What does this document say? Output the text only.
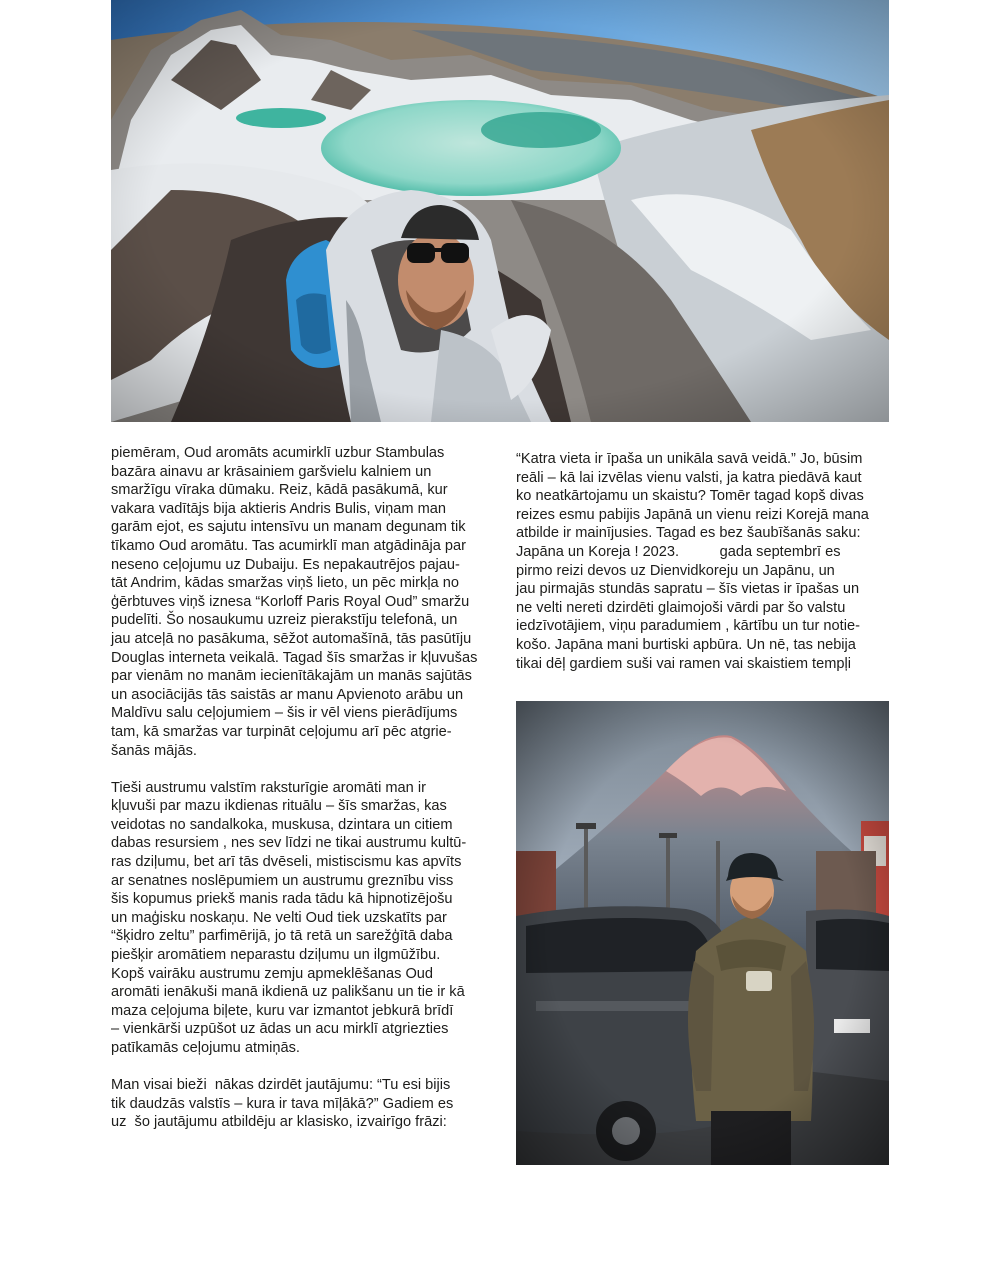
piemēram, Oud aromāts acumirklī uzbur Stambulas

bazāra ainavu ar krāsainiem garšvielu kalniem un

smaržīgu vīraka dūmaku. Reiz, kādā pasākumā, kur

vakara vadītājs bija aktieris Andris Bulis, viņam man

garām ejot, es sajutu intensīvu un manam degunam tik

tīkamo Oud aromātu. Tas acumirklī man atgādināja par

neseno ceļojumu uz Dubaiju. Es nepakautrējos pajau-

tāt Andrim, kādas smaržas viņš lieto, un pēc mirkļa no

ģērbtuves viņš iznesa “Korloff Paris Royal Oud” smaržu

pudelīti. Šo nosaukumu uzreiz pierakstīju telefonā, un

jau atceļā no pasākuma, sēžot automašīnā, tās pasūtīju

Douglas interneta veikalā. Tagad šīs smaržas ir kļuvušas

par vienām no manām iecienītākajām un manās sajūtās

un asociācijās tās saistās ar manu Apvienoto arābu un

Maldīvu salu ceļojumiem – šis ir vēl viens pierādījums

tam, kā smaržas var turpināt ceļojumu arī pēc atgrie-

šanās mājās.

Tieši austrumu valstīm raksturīgie aromāti man ir

kļuvuši par mazu ikdienas rituālu – šīs smaržas, kas

veidotas no sandalkoka, muskusa, dzintara un citiem

dabas resursiem , nes sev līdzi ne tikai austrumu kultū-

ras dziļumu, bet arī tās dvēseli, mistiscismu kas apvīts

ar senatnes noslēpumiem un austrumu greznību viss

šis kopumus priekš manis rada tādu kā hipnotizējošu

un maģisku noskaņu. Ne velti Oud tiek uzskatīts par

“šķidro zeltu” parfimērijā, jo tā retā un sarežģītā daba

piešķir aromātiem neparastu dziļumu un ilgmūžību.

Kopš vairāku austrumu zemju apmeklēšanas Oud

aromāti ienākuši manā ikdienā uz palikšanu un tie ir kā

maza ceļojuma biļete, kuru var izmantot jebkurā brīdī

– vienkārši uzpūšot uz ādas un acu mirklī atgriezties

patīkamās ceļojumu atmiņās.

Man visai bieži  nākas dzirdēt jautājumu: “Tu esi bijis

tik daudzās valstīs – kura ir tava mīļākā?” Gadiem es

uz  šo jautājumu atbildēju ar klasisko, izvairīgo frāzi:

“Katra vieta ir īpaša un unikāla savā veidā.” Jo, būsim

reāli – kā lai izvēlas vienu valsti, ja katra piedāvā kaut

ko neatkārtojamu un skaistu? Tomēr tagad kopš divas

reizes esmu pabijis Japānā un vienu reizi Korejā mana

atbilde ir mainījusies. Tagad es bez šaubīšanās saku:

Japāna un Koreja ! 2023.          gada septembrī es

pirmo reizi devos uz Dienvidkoreju un Japānu, un

jau pirmajās stundās sapratu – šīs vietas ir īpašas un

ne velti nereti dzirdēti glaimojoši vārdi par šo valstu

iedzīvotājiem, viņu paradumiem , kārtību un tur notie-

košo. Japāna mani burtiski apbūra. Un nē, tas nebija

tikai dēļ gardiem suši vai ramen vai skaistiem tempļi
